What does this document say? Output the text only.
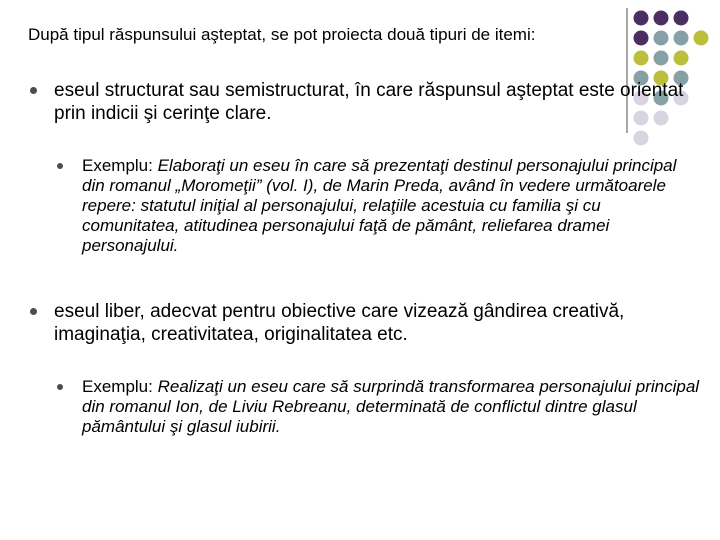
După tipul răspunsului aşteptat, se pot proiecta două tipuri de itemi:
eseul structurat sau semistructurat, în care răspunsul aşteptat este orientat prin indicii şi cerinţe clare.
Exemplu: Elaboraţi un eseu în care să prezentaţi destinul personajului principal din romanul „Moromeţii” (vol. I), de Marin Preda, având în vedere următoarele repere: statutul iniţial al personajului, relaţiile acestuia cu familia şi cu comunitatea, atitudinea personajului faţă de pământ, reliefarea dramei personajului.
eseul liber, adecvat pentru obiective care vizează gândirea creativă, imaginaţia, creativitatea, originalitatea etc.
Exemplu: Realizaţi un eseu care să surprindă transformarea personajului principal din romanul Ion, de Liviu Rebreanu, determinată de conflictul dintre glasul pământului şi glasul iubirii.
